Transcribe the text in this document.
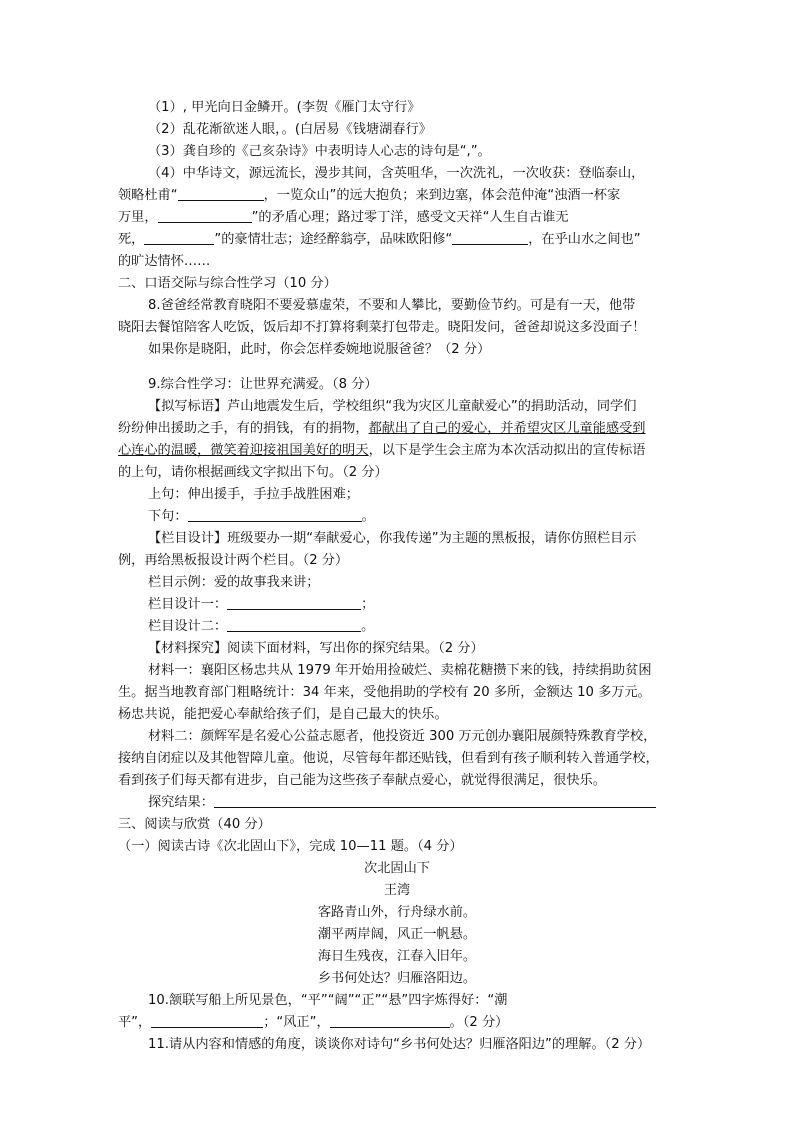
（1）, 甲光向日金鳞开。(李贺《雁门太守行》
（2）乱花渐欲迷人眼，。(白居易《钱塘湖春行》
（3）龚自珍的《己亥杂诗》中表明诗人心志的诗句是“,”。
（4）中华诗文，源远流长，漫步其间，含英咀华，一次洗礼，一次收获：登临泰山，
领略杜甫“	，一览众山”的远大抱负；来到边塞，体会范仲淹“浊酒一杯家
万里，	”的矛盾心理；路过零丁洋，感受文天祥“人生自古谁无
死，	”的豪情壮志；途经醉翁亭，品味欧阳修“	，在乎山水之间也”
的旷达情怀……
二、口语交际与综合性学习（10 分）
8.爸爸经常教育晓阳不要爱慕虚荣，不要和人攀比，要勤俭节约。可是有一天，他带
晓阳去餐馆陪客人吃饭，饭后却不打算将剩菜打包带走。晓阳发问，爸爸却说这多没面子！
如果你是晓阳，此时，你会怎样委婉地说服爸爸？（2 分）
9.综合性学习：让世界充满爱。（8 分）
【拟写标语】芦山地震发生后，学校组织“我为灾区儿童献爱心”的捐助活动，同学们
纷纷伸出援助之手，有的捐钱，有的捐物，都献出了自己的爱心，并希望灾区儿童能感受到
心连心的温暖，微笑着迎接祖国美好的明天，以下是学生会主席为本次活动拟出的宣传标语
的上句，请你根据画线文字拟出下句。（2 分）
上句：伸出援手，手拉手战胜困难；
下句：	。
【栏目设计】班级要办一期“奉献爱心，你我传递”为主题的黑板报，请你仿照栏目示
例，再给黑板报设计两个栏目。（2 分）
栏目示例：爱的故事我来讲；
栏目设计一：	；
栏目设计二：	。
【材料探究】阅读下面材料，写出你的探究结果。（2 分）
材料一：襄阳区杨忠共从 1979 年开始用捡破烂、卖棉花糖攒下来的钱，持续捐助贫困
生。据当地教育部门粗略统计：34 年来，受他捐助的学校有 20 多所，金额达 10 多万元。
杨忠共说，能把爱心奉献给孩子们，是自己最大的快乐。
材料二：颜辉军是名爱心公益志愿者，他投资近 300 万元创办襄阳展颜特殊教育学校，
接纳自闭症以及其他智障儿童。他说，尽管每年都还贴钱，但看到有孩子顺利转入普通学校，
看到孩子们每天都有进步，自己能为这些孩子奉献点爱心，就觉得很满足，很快乐。
探究结果：
三、阅读与欣赏（40 分）
（一）阅读古诗《次北固山下》，完成 10—11 题。（4 分）
次北固山下
王湾
客路青山外，行舟绿水前。
潮平两岸阔，风正一帆悬。
海日生残夜，江春入旧年。
乡书何处达？归雁洛阳边。
10.颔联写船上所见景色，“平”“阔”“正”“悬”四字炼得好：“潮
平”，	；“风正”，	。（2 分）
11.请从内容和情感的角度，谈谈你对诗句“乡书何处达？归雁洛阳边”的理解。（2 分）
